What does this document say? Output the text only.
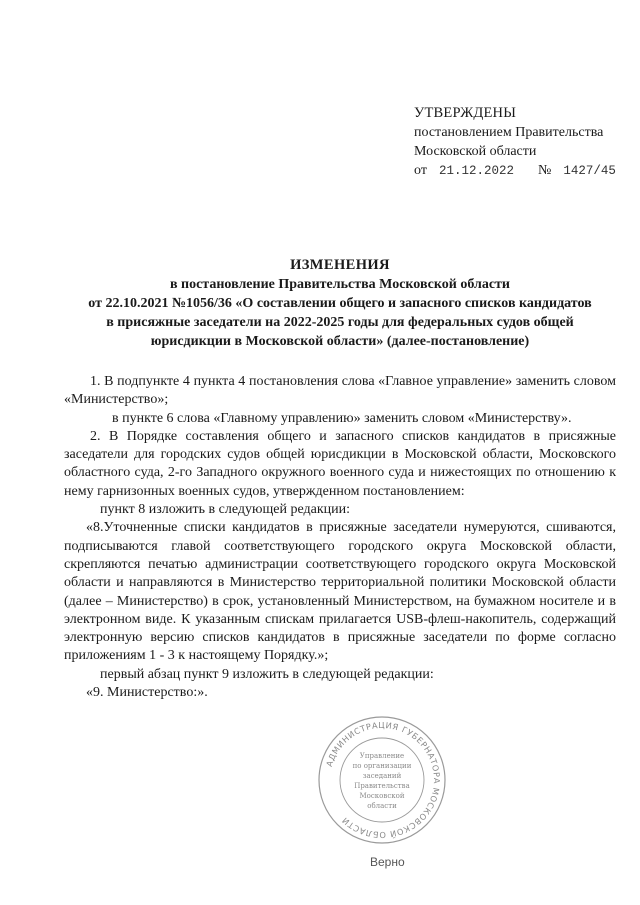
УТВЕРЖДЕНЫ
постановлением Правительства
Московской области
от 21.12.2022 № 1427/45
ИЗМЕНЕНИЯ
в постановление Правительства Московской области
от 22.10.2021 №1056/36 «О составлении общего и запасного списков кандидатов
в присяжные заседатели на 2022-2025 годы для федеральных судов общей
юрисдикции в Московской области» (далее-постановление)

1. В подпункте 4 пункта 4 постановления слова «Главное управление» заменить словом «Министерство»;

в пункте 6 слова «Главному управлению» заменить словом «Министерству».

2. В Порядке составления общего и запасного списков кандидатов в присяжные заседатели для городских судов общей юрисдикции в Московской области, Московского областного суда, 2-го Западного окружного военного суда и нижестоящих по отношению к нему гарнизонных военных судов, утвержденном постановлением:

пункт 8 изложить в следующей редакции:

«8.Уточненные списки кандидатов в присяжные заседатели нумеруются, сшиваются, подписываются главой соответствующего городского округа Московской области, скрепляются печатью администрации соответствующего городского округа Московской области и направляются в Министерство территориальной политики Московской области (далее – Министерство) в срок, установленный Министерством, на бумажном носителе и в электронном виде. К указанным спискам прилагается USB-флеш-накопитель, содержащий электронную версию списков кандидатов в присяжные заседатели по форме согласно приложениям 1 - 3 к настоящему Порядку.»;

первый абзац пункт 9 изложить в следующей редакции:

«9. Министерство:».

АДМИНИСТРАЦИЯ ГУБЕРНАТОРА МОСКОВСКОЙ ОБЛАСТИ
Управление
по организации
заседаний
Правительства
Московской
области
Верно
